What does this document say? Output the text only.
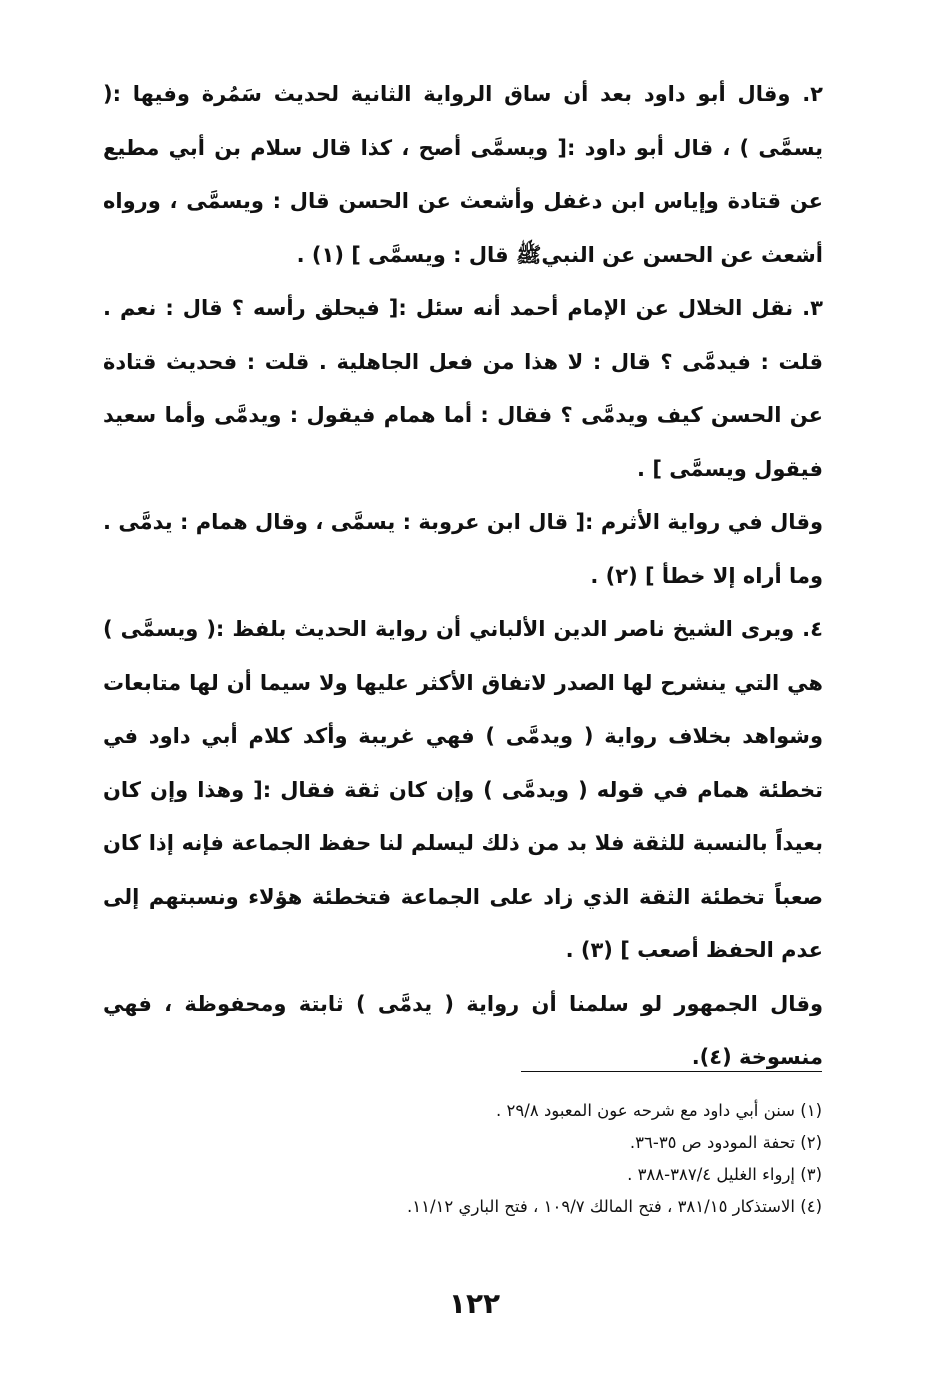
٢. وقال أبو داود بعد أن ساق الرواية الثانية لحديث سَمُرة وفيها :( يسمَّى ) ، قال أبو داود :[ ويسمَّى أصح ، كذا قال سلام بن أبي مطيع عن قتادة وإياس ابن دغفل وأشعث عن الحسن قال : ويسمَّى ، ورواه أشعث عن الحسن عن النبيﷺ قال : ويسمَّى ] (١) .

٣. نقل الخلال عن الإمام أحمد أنه سئل :[ فيحلق رأسه ؟ قال : نعم . قلت : فيدمَّى ؟ قال : لا هذا من فعل الجاهلية . قلت : فحديث قتادة عن الحسن كيف ويدمَّى ؟ فقال : أما همام فيقول : ويدمَّى وأما سعيد فيقول ويسمَّى ] .

وقال في رواية الأثرم :[ قال ابن عروبة : يسمَّى ، وقال همام : يدمَّى . وما أراه إلا خطأ ] (٢) .

٤. ويرى الشيخ ناصر الدين الألباني أن رواية الحديث بلفظ :( ويسمَّى ) هي التي ينشرح لها الصدر لاتفاق الأكثر عليها ولا سيما أن لها متابعات وشواهد بخلاف رواية ( ويدمَّى ) فهي غريبة وأكد كلام أبي داود في تخطئة همام في قوله ( ويدمَّى ) وإن كان ثقة فقال :[ وهذا وإن كان بعيداً بالنسبة للثقة فلا بد من ذلك ليسلم لنا حفظ الجماعة فإنه إذا كان صعباً تخطئة الثقة الذي زاد على الجماعة فتخطئة هؤلاء ونسبتهم إلى عدم الحفظ أصعب ] (٣) .

وقال الجمهور لو سلمنا أن رواية ( يدمَّى ) ثابتة ومحفوظة ، فهي منسوخة (٤).

(١) سنن أبي داود مع شرحه عون المعبود ٢٩/٨ .
(٢) تحفة المودود ص ٣٥-٣٦.
(٣) إرواء الغليل ٣٨٧/٤-٣٨٨ .
(٤) الاستذكار ٣٨١/١٥ ، فتح المالك ١٠٩/٧ ، فتح الباري ١١/١٢.
١٢٢
